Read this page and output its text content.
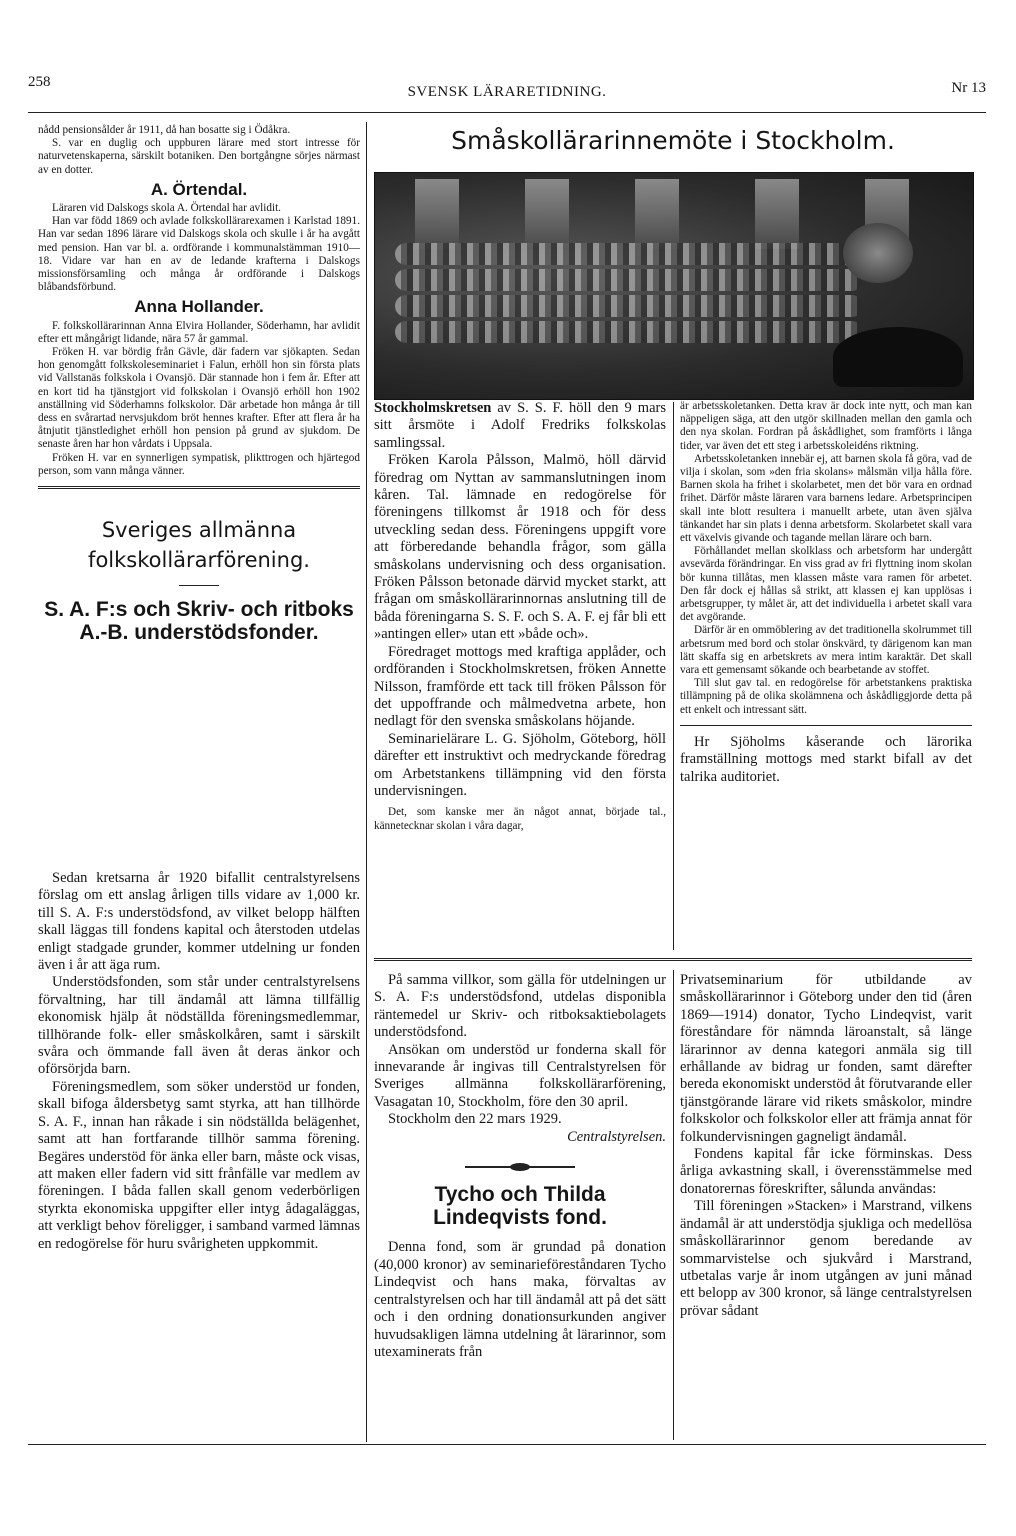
258
SVENSK LÄRARETIDNING.	Nr 13

nådd pensionsålder år 1911, då han bosatte sig i Ödåkra.

S. var en duglig och uppburen lärare med stort intresse för naturvetenskaperna, särskilt botaniken. Den bortgångne sörjes närmast av en dotter.

A. Örtendal.

Läraren vid Dalskogs skola A. Örtendal har avlidit.

Han var född 1869 och avlade folkskollärarexamen i Karlstad 1891. Han var sedan 1896 lärare vid Dalskogs skola och skulle i år ha avgått med pension. Han var bl. a. ordförande i kommunalstämman 1910—18. Vidare var han en av de ledande krafterna i Dalskogs missionsförsamling och många år ordförande i Dalskogs blåbandsförbund.

Anna Hollander.

F. folkskollärarinnan Anna Elvira Hollander, Söderhamn, har avlidit efter ett mångårigt lidande, nära 57 år gammal.

Fröken H. var bördig från Gävle, där fadern var sjökapten. Sedan hon genomgått folkskoleseminariet i Falun, erhöll hon sin första plats vid Vallstanäs folkskola i Ovansjö. Där stannade hon i fem år. Efter att en kort tid ha tjänstgjort vid folkskolan i Ovansjö erhöll hon 1902 anställning vid Söderhamns folkskolor. Där arbetade hon många år till dess en svårartad nervsjukdom bröt hennes krafter. Efter att flera år ha åtnjutit tjänstledighet erhöll hon pension på grund av sjukdom. De senaste åren har hon vårdats i Uppsala.

Fröken H. var en synnerligen sympatisk, plikttrogen och hjärtegod person, som vann många vänner.

Sveriges allmänna folkskollärarförening.
S. A. F:s och Skriv- och ritboks A.-B. understödsfonder.

Sedan kretsarna år 1920 bifallit centralstyrelsens förslag om ett anslag årligen tills vidare av 1,000 kr. till S. A. F:s understödsfond, av vilket belopp hälften skall läggas till fondens kapital och återstoden utdelas enligt stadgade grunder, kommer utdelning ur fonden även i år att äga rum.

Understödsfonden, som står under centralstyrelsens förvaltning, har till ändamål att lämna tillfällig ekonomisk hjälp åt nödställda föreningsmedlemmar, tillhörande folk- eller småskolkåren, samt i särskilt svåra och ömmande fall även åt deras änkor och oförsörjda barn.

Föreningsmedlem, som söker understöd ur fonden, skall bifoga åldersbetyg samt styrka, att han tillhörde S. A. F., innan han råkade i sin nödställda belägenhet, samt att han fortfarande tillhör samma förening. Begäres understöd för änka eller barn, måste ock visas, att maken eller fadern vid sitt frånfälle var medlem av föreningen. I båda fallen skall genom vederbörligen styrkta ekonomiska uppgifter eller intyg ådagaläggas, att verkligt behov föreligger, i samband varmed lämnas en redogörelse för huru svårigheten uppkommit.

Småskollärarinnemöte i Stockholm.

Stockholmskretsen av S. S. F. höll den 9 mars sitt årsmöte i Adolf Fredriks folkskolas samlingssal.

Fröken Karola Pålsson, Malmö, höll därvid föredrag om Nyttan av sammanslutningen inom kåren. Tal. lämnade en redogörelse för föreningens tillkomst år 1918 och för dess utveckling sedan dess. Föreningens uppgift vore att förberedande behandla frågor, som gälla småskolans undervisning och dess organisation. Fröken Pålsson betonade därvid mycket starkt, att frågan om småskollärarinnornas anslutning till de båda föreningarna S. S. F. och S. A. F. ej får bli ett »antingen eller» utan ett »både och».

Föredraget mottogs med kraftiga applåder, och ordföranden i Stockholmskretsen, fröken Annette Nilsson, framförde ett tack till fröken Pålsson för det uppoffrande och målmedvetna arbete, hon nedlagt för den svenska småskolans höjande.

Seminarielärare L. G. Sjöholm, Göteborg, höll därefter ett instruktivt och medryckande föredrag om Arbetstankens tillämpning vid den första undervisningen.

Det, som kanske mer än något annat, började tal., kännetecknar skolan i våra dagar,

är arbetsskoletanken. Detta krav är dock inte nytt, och man kan näppeligen säga, att den utgör skillnaden mellan den gamla och den nya skolan. Fordran på åskådlighet, som framförts i långa tider, var även det ett steg i arbetsskoleidéns riktning.

Arbetsskoletanken innebär ej, att barnen skola få göra, vad de vilja i skolan, som »den fria skolans» målsmän vilja hålla före. Barnen skola ha frihet i skolarbetet, men det bör vara en ordnad frihet. Därför måste läraren vara barnens ledare. Arbetsprincipen skall inte blott resultera i manuellt arbete, utan även själva tänkandet har sin plats i denna arbetsform. Skolarbetet skall vara ett växelvis givande och tagande mellan lärare och barn.

Förhållandet mellan skolklass och arbetsform har undergått avsevärda förändringar. En viss grad av fri flyttning inom skolan bör kunna tillåtas, men klassen måste vara ramen för arbetet. Den får dock ej hållas så strikt, att klassen ej kan upplösas i arbetsgrupper, ty målet är, att det individuella i arbetet skall vara det avgörande.

Därför är en ommöblering av det traditionella skolrummet till arbetsrum med bord och stolar önskvärd, ty därigenom kan man lätt skaffa sig en arbetskrets av mera intim karaktär. Det skall vara ett gemensamt sökande och bearbetande av stoffet.

Till slut gav tal. en redogörelse för arbetstankens praktiska tillämpning på de olika skolämnena och åskådliggjorde detta på ett enkelt och intressant sätt.

Hr Sjöholms kåserande och lärorika framställning mottogs med starkt bifall av det talrika auditoriet.

På samma villkor, som gälla för utdelningen ur S. A. F:s understödsfond, utdelas disponibla räntemedel ur Skriv- och ritboksaktiebolagets understödsfond.

Ansökan om understöd ur fonderna skall för innevarande år ingivas till Centralstyrelsen för Sveriges allmänna folkskollärarförening, Vasagatan 10, Stockholm, före den 30 april.

Stockholm den 22 mars 1929.

Centralstyrelsen.
Tycho och Thilda Lindeqvists fond.

Denna fond, som är grundad på donation (40,000 kronor) av seminarieföreståndaren Tycho Lindeqvist och hans maka, förvaltas av centralstyrelsen och har till ändamål att på det sätt och i den ordning donationsurkunden angiver huvudsakligen lämna utdelning åt lärarinnor, som utexaminerats från

Privatseminarium för utbildande av småskollärarinnor i Göteborg under den tid (åren 1869—1914) donator, Tycho Lindeqvist, varit föreståndare för nämnda läroanstalt, så länge lärarinnor av denna kategori anmäla sig till erhållande av bidrag ur fonden, samt därefter bereda ekonomiskt understöd åt förutvarande eller tjänstgörande lärare vid rikets småskolor, mindre folkskolor och folkskolor eller att främja annat för folkundervisningen gagneligt ändamål.

Fondens kapital får icke förminskas. Dess årliga avkastning skall, i överensstämmelse med donatorernas föreskrifter, sålunda användas:

Till föreningen »Stacken» i Marstrand, vilkens ändamål är att understödja sjukliga och medellösa småskollärarinnor genom beredande av sommarvistelse och sjukvård i Marstrand, utbetalas varje år inom utgången av juni månad ett belopp av 300 kronor, så länge centralstyrelsen prövar sådant
